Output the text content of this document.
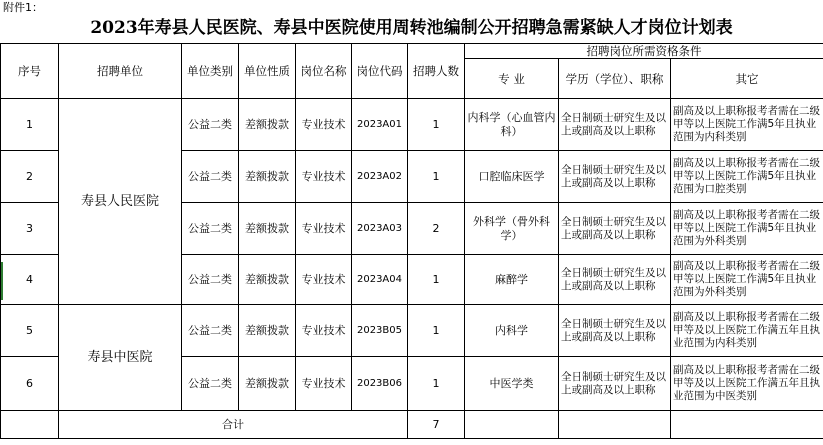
附件1：
2023年寿县人民医院、寿县中医院使用周转池编制公开招聘急需紧缺人才岗位计划表
序号	招聘单位	单位类别	单位性质	岗位名称	岗位代码	招聘人数	招聘岗位所需资格条件		
							专 业	学历（学位）、职称	其它
1	寿县人民医院	公益二类	差额拨款	专业技术	2023A01	1	内科学（心血管内科）	全日制硕士研究生及以上或副高及以上职称	副高及以上职称报考者需在二级甲等以上医院工作满5年且执业范围为内科类别
2		公益二类	差额拨款	专业技术	2023A02	1	口腔临床医学	全日制硕士研究生及以上或副高及以上职称	副高及以上职称报考者需在二级甲等以上医院工作满5年且执业范围为口腔类别
3		公益二类	差额拨款	专业技术	2023A03	2	外科学（骨外科学）	全日制硕士研究生及以上或副高及以上职称	副高及以上职称报考者需在二级甲等以上医院工作满5年且执业范围为外科类别
4		公益二类	差额拨款	专业技术	2023A04	1	麻醉学	全日制硕士研究生及以上或副高及以上职称	副高及以上职称报考者需在二级甲等以上医院工作满5年且执业范围为外科类别
5	寿县中医院	公益二类	差额拨款	专业技术	2023B05	1	内科学	全日制硕士研究生及以上或副高及以上职称	副高及以上职称报考者需在二级甲等及以上医院工作满五年且执业范围为内科类别
6		公益二类	差额拨款	专业技术	2023B06	1	中医学类	全日制硕士研究生及以上或副高及以上职称	副高及以上职称报考者需在二级甲等及以上医院工作满五年且执业范围为中医类别
	合计					7			
